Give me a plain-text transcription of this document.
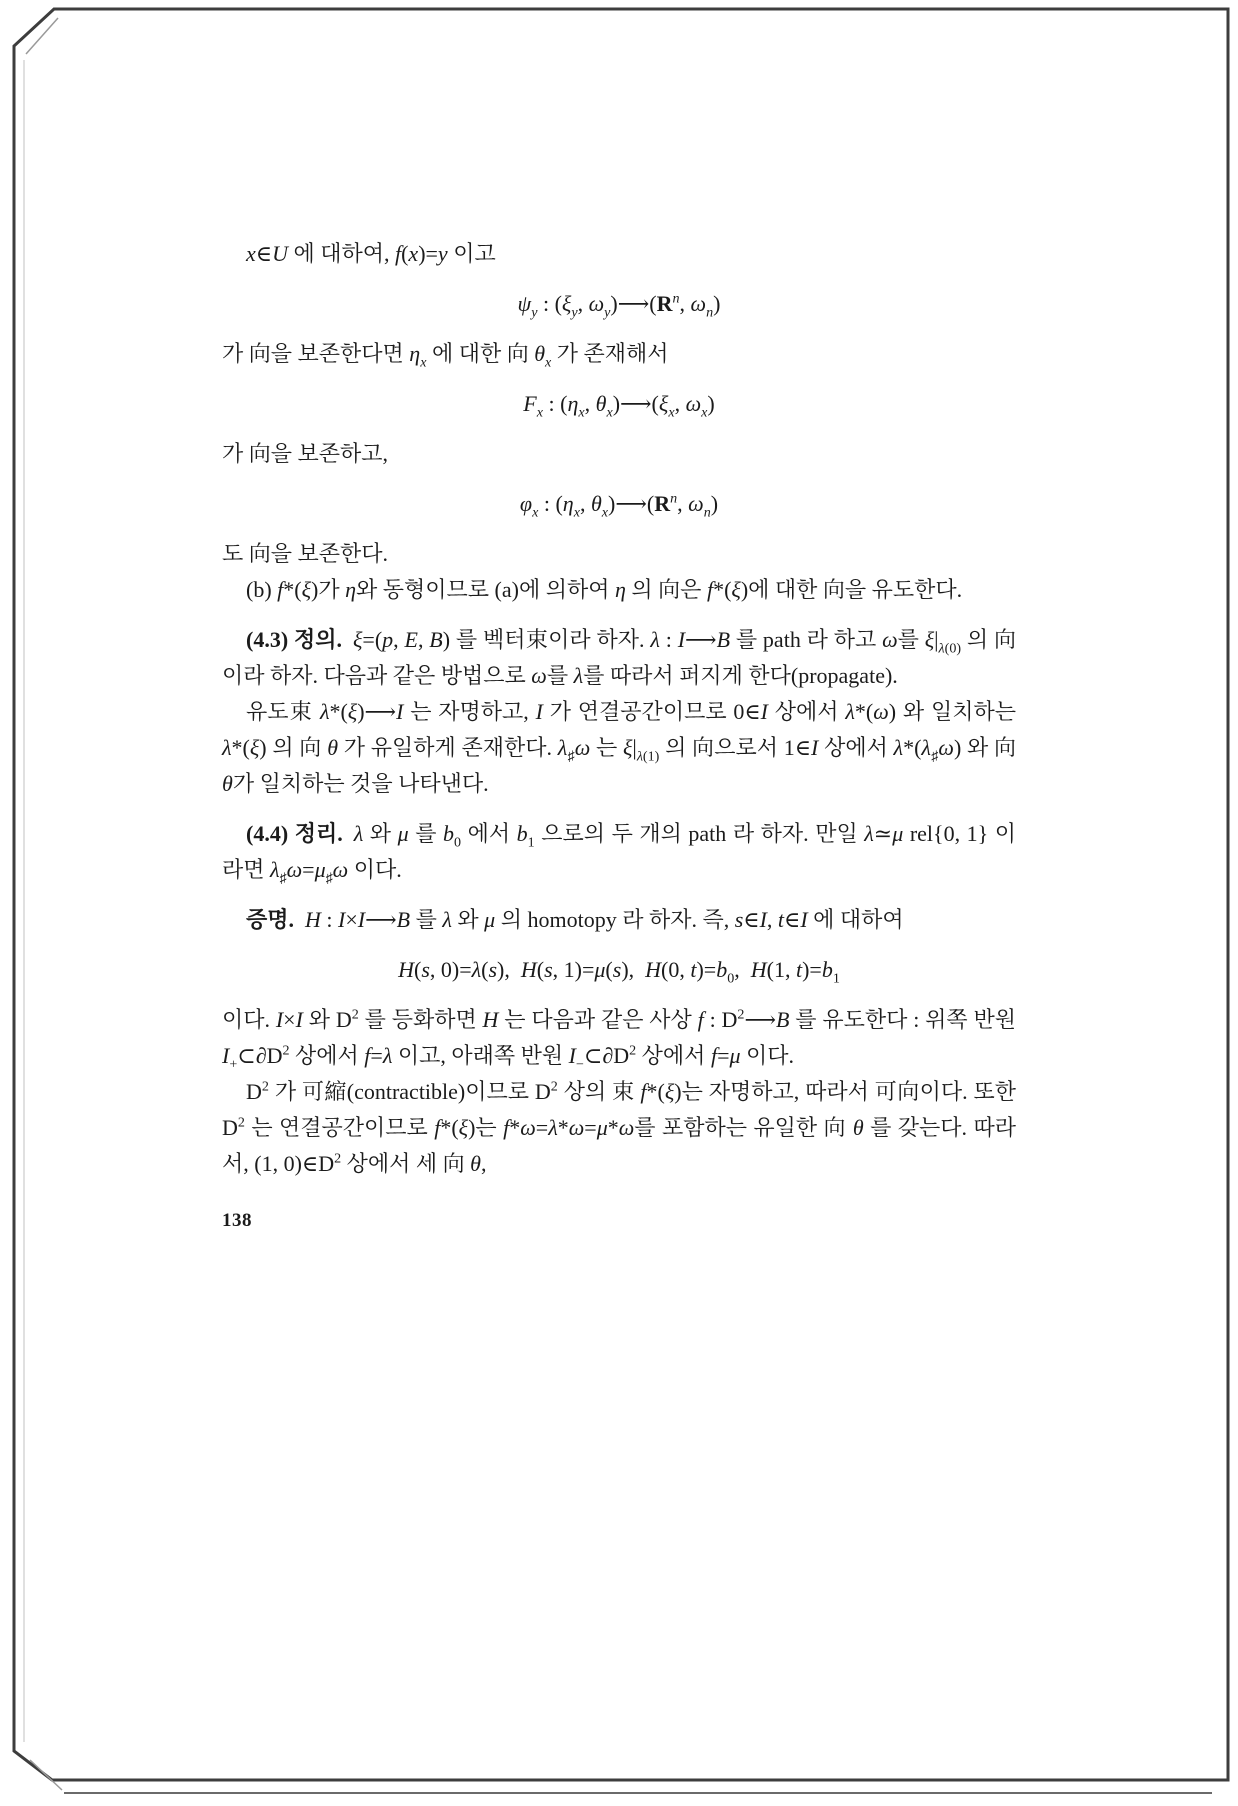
x∈U 에 대하여, f(x)=y 이고

$\psi_y$ : ($\xi_y$, $\omega_y)⟶(R^n$, $\omega_n$)

가 向을 보존한다면 $\eta_x$ 에 대한 向 $\theta_x$ 가 존재해서

$F_x$ : ($\eta_x$, $\theta_x)⟶(\xi_x$, $\omega_x$)

가 向을 보존하고,

$\varphi_x$ : ($\eta_x$, $\theta_x)⟶(R^n$, $\omega_n$)

도 向을 보존한다.

(b) f*(ξ)가 η와 동형이므로 (a)에 의하여 η 의 向은 f*(ξ)에 대한 向을 유도한다.

(4.3) 정의.  ξ=(p, E, B) 를 벡터束이라 하자. λ : I⟶B 를 path 라 하고 ω를 $\xi|_{\lambda(0)}$ 의 向이라 하자. 다음과 같은 방법으로 ω를 λ를 따라서 퍼지게 한다(propagate).

유도束 λ*(ξ)⟶I 는 자명하고, I 가 연결공간이므로 0∈I 상에서 λ*(ω) 와 일치하는 λ*(ξ) 의 向 θ 가 유일하게 존재한다. $\lambda_♯\omega$ 는 $\xi|_{\lambda(1)}$ 의 向으로서 1∈I 상에서 $\lambda*(\lambda_♯\omega)$ 와 向 θ가 일치하는 것을 나타낸다.

(4.4) 정리.  λ 와 μ 를 $b_0$ 에서 $b_1$ 으로의 두 개의 path 라 하자. 만일 λ≃μ rel{0, 1} 이라면 $\lambda_♯\omega=\mu_♯\omega$ 이다.

증명.  H : I×I⟶B 를 λ 와 μ 의 homotopy 라 하자. 즉, s∈I, t∈I 에 대하여

H(s, 0)=λ(s),  H(s, 1)=μ(s),  H(0, $t)=b_0$,  H(1, $t)=b_1$

이다. I×I 와 $D^2$ 를 등화하면 H 는 다음과 같은 사상 f : $D^2⟶B$ 를 유도한다 : 위쪽 반원 $I_+\subset\partial D^2$ 상에서 f=λ 이고, 아래쪽 반원 $I_-\subset\partial D^2$ 상에서 f=μ 이다.

$D^2$ 가 可縮(contractible)이므로 $D^2$ 상의 束 f*(ξ)는 자명하고, 따라서 可向이다. 또한 $D^2$ 는 연결공간이므로 f*(ξ)는 f*ω=λ*ω=μ*ω를 포함하는 유일한 向 θ 를 갖는다. 따라서, (1, $0)\in D^2$ 상에서 세 向 θ,

138
